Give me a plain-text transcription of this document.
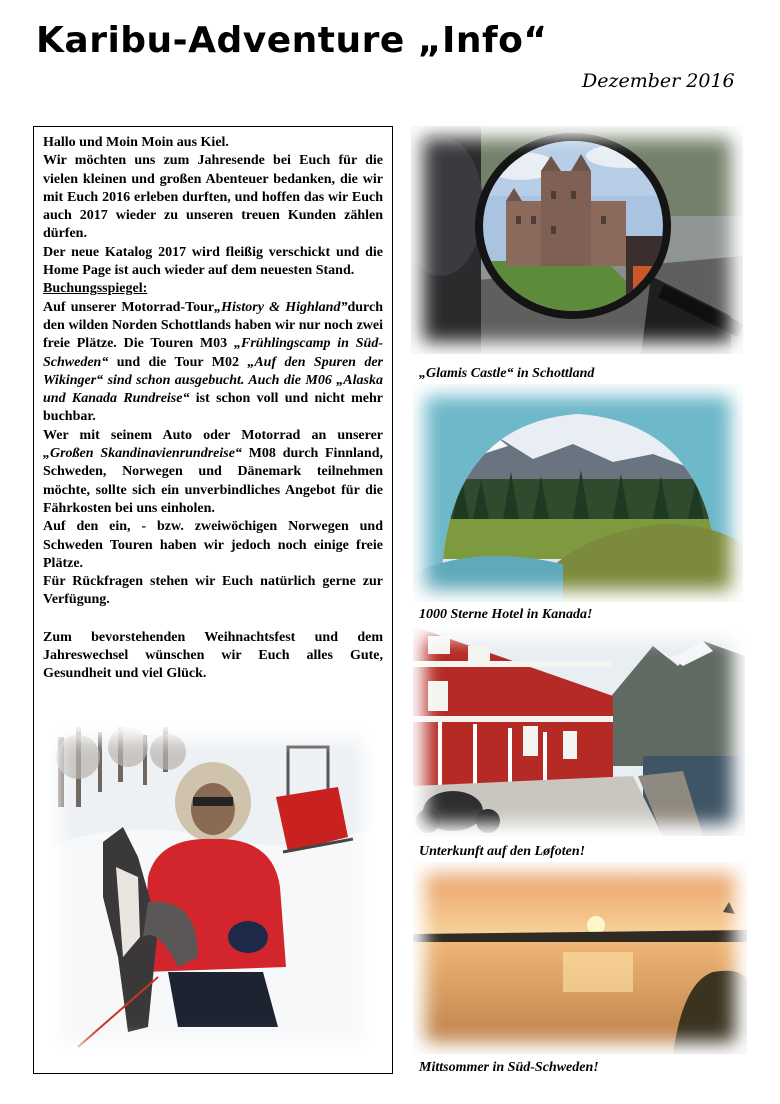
Karibu-Adventure „Info“
Dezember 2016

Hallo und Moin Moin aus Kiel.

Wir möchten uns zum Jahresende bei Euch für die vielen kleinen und großen Abenteuer bedanken, die wir mit Euch 2016 erleben durften, und hoffen das wir Euch auch 2017 wieder zu unseren treuen Kunden zählen dürfen.

Der neue Katalog 2017 wird fleißig verschickt und die Home Page ist auch wieder auf dem neuesten Stand.

Buchungsspiegel:

Auf unserer Motorrad-Tour„History & Highland”durch den wilden Norden Schottlands haben wir nur noch zwei freie Plätze. Die Touren M03 „Frühlingscamp in Süd-Schweden“ und die Tour M02 „Auf den Spuren der Wikinger“ sind schon ausgebucht. Auch die M06 „Alaska und Kanada Rundreise“ ist schon voll und nicht mehr buchbar.

Wer mit seinem Auto oder Motorrad an unserer „Großen Skandinavienrundreise“ M08 durch Finnland, Schweden, Norwegen und Dänemark teilnehmen möchte, sollte sich ein unverbindliches Angebot für die Fährkosten bei uns einholen.

Auf den ein, - bzw. zweiwöchigen Norwegen und Schweden Touren haben wir jedoch noch einige freie Plätze.

Für Rückfragen stehen wir Euch natürlich gerne zur Verfügung.

Zum bevorstehenden Weihnachtsfest und dem Jahreswechsel wünschen wir Euch alles Gute, Gesundheit und viel Glück.

„Glamis Castle“ in Schottland
1000 Sterne Hotel in Kanada!
Unterkunft auf den Løfoten!
Mittsommer in Süd-Schweden!
